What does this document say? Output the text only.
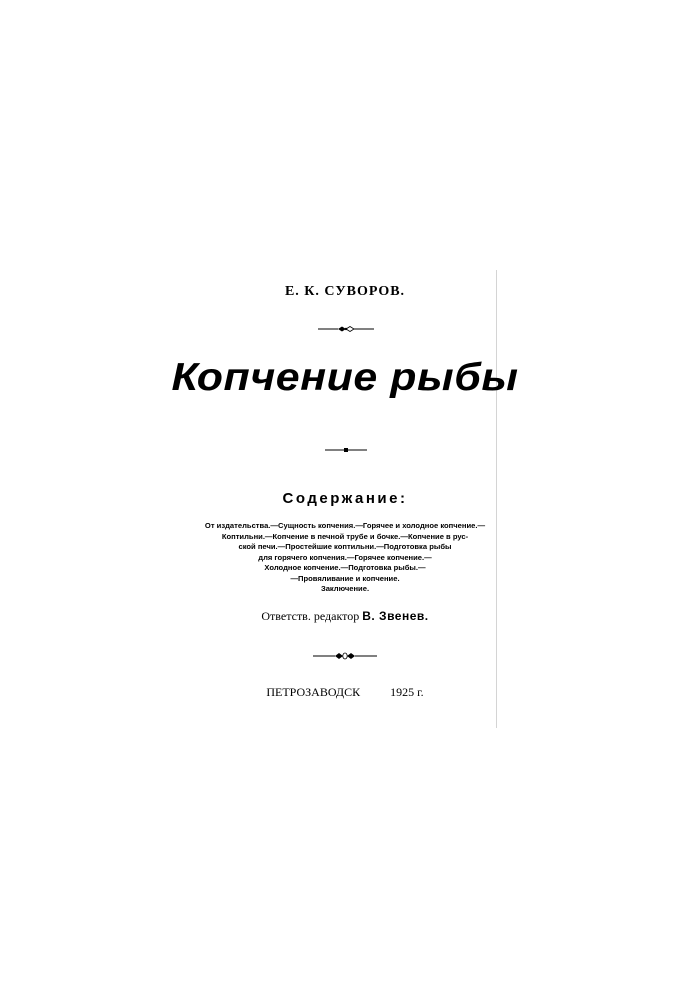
Е. К. СУВОРОВ.
Копчение рыбы
Содержание:
От издательства.—Сущность копчения.—Горячее и холодное копчение.—
Коптильни.—Копчение в печной трубе и бочке.—Копчение в рус-
ской печи.—Простейшие коптильни.—Подготовка рыбы
для горячего копчения.—Горячее копчение.—
Холодное копчение.—Подготовка рыбы.—
—Провяливание и копчение.
Заключение.
Ответств. редактор В. Звенев.
ПЕТРОЗАВОДСК	1925 г.
